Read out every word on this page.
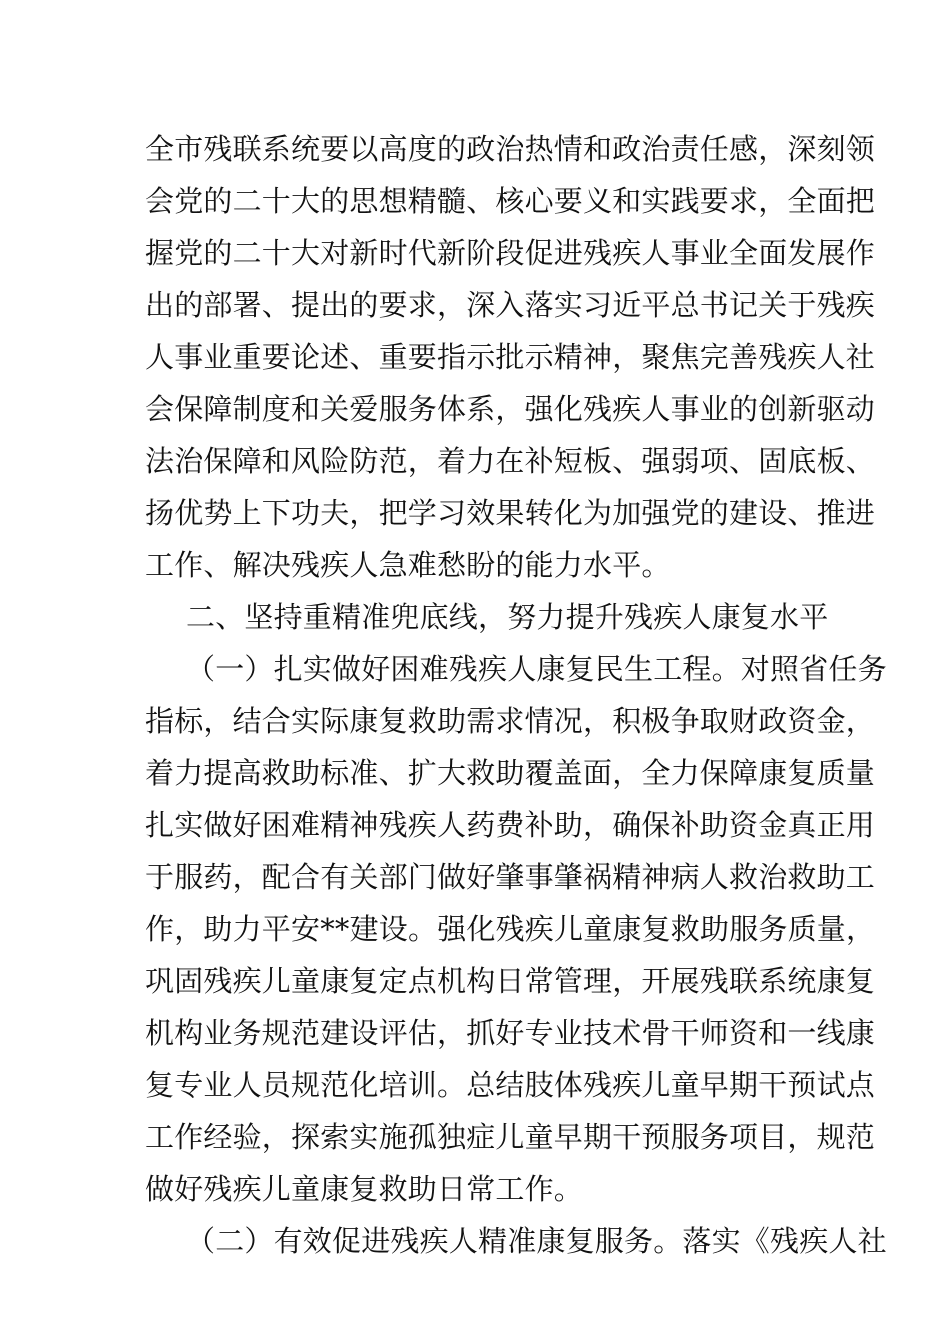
全市残联系统要以高度的政治热情和政治责任感，深刻领
会党的二十大的思想精髓、核心要义和实践要求，全面把
握党的二十大对新时代新阶段促进残疾人事业全面发展作
出的部署、提出的要求，深入落实习近平总书记关于残疾
人事业重要论述、重要指示批示精神，聚焦完善残疾人社
会保障制度和关爱服务体系，强化残疾人事业的创新驱动
法治保障和风险防范，着力在补短板、强弱项、固底板、
扬优势上下功夫，把学习效果转化为加强党的建设、推进
工作、解决残疾人急难愁盼的能力水平。
二、坚持重精准兜底线，努力提升残疾人康复水平
（一）扎实做好困难残疾人康复民生工程。对照省任务
指标，结合实际康复救助需求情况，积极争取财政资金，
着力提高救助标准、扩大救助覆盖面，全力保障康复质量
扎实做好困难精神残疾人药费补助，确保补助资金真正用
于服药，配合有关部门做好肇事肇祸精神病人救治救助工
作，助力平安**建设。强化残疾儿童康复救助服务质量，
巩固残疾儿童康复定点机构日常管理，开展残联系统康复
机构业务规范建设评估，抓好专业技术骨干师资和一线康
复专业人员规范化培训。总结肢体残疾儿童早期干预试点
工作经验，探索实施孤独症儿童早期干预服务项目，规范
做好残疾儿童康复救助日常工作。
（二）有效促进残疾人精准康复服务。落实《残疾人社
